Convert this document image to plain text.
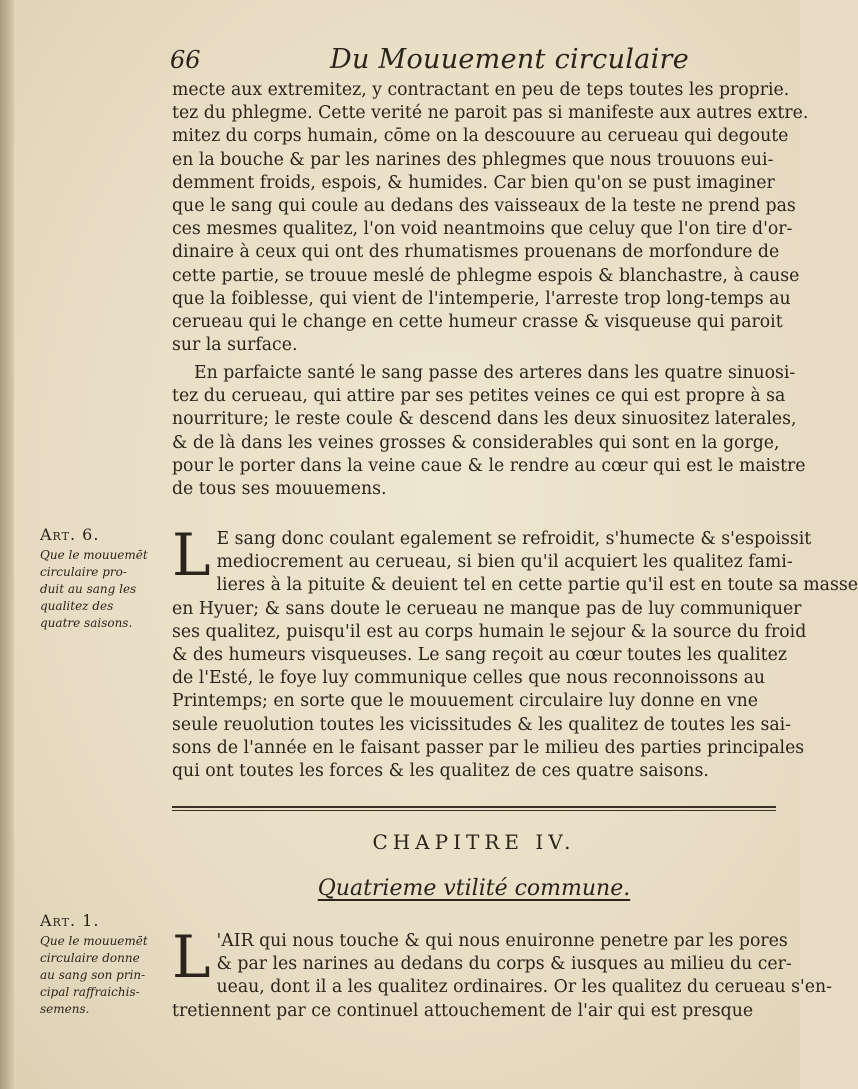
66	Du Mouuement circulaire
mecte aux extremitez, y contractant en peu de teps toutes les proprie.
tez du phlegme. Cette verité ne paroit pas si manifeste aux autres extre.
mitez du corps humain, cōme on la descouure au cerueau qui degoute
en la bouche & par les narines des phlegmes que nous trouuons eui-
demment froids, espois, & humides. Car bien qu'on se pust imaginer
que le sang qui coule au dedans des vaisseaux de la teste ne prend pas
ces mesmes qualitez, l'on void neantmoins que celuy que l'on tire d'or-
dinaire à ceux qui ont des rhumatismes prouenans de morfondure de
cette partie, se trouue meslé de phlegme espois & blanchastre, à cause
que la foiblesse, qui vient de l'intemperie, l'arreste trop long-temps au
cerueau qui le change en cette humeur crasse & visqueuse qui paroit
sur la surface.
En parfaicte santé le sang passe des arteres dans les quatre sinuosi-
tez du cerueau, qui attire par ses petites veines ce qui est propre à sa
nourriture; le reste coule & descend dans les deux sinuositez laterales,
& de là dans les veines grosses & considerables qui sont en la gorge,
pour le porter dans la veine caue & le rendre au cœur qui est le maistre
de tous ses mouuemens.
Art. 6.
Que le mouuemēt
circulaire pro-
duit au sang les
qualitez des
quatre saisons.
L E sang donc coulant egalement se refroidit, s'humecte & s'espoissit
mediocrement au cerueau, si bien qu'il acquiert les qualitez fami-
lieres à la pituite & deuient tel en cette partie qu'il est en toute sa masse
en Hyuer; & sans doute le cerueau ne manque pas de luy communiquer
ses qualitez, puisqu'il est au corps humain le sejour & la source du froid
& des humeurs visqueuses. Le sang reçoit au cœur toutes les qualitez
de l'Esté, le foye luy communique celles que nous reconnoissons au
Printemps; en sorte que le mouuement circulaire luy donne en vne
seule reuolution toutes les vicissitudes & les qualitez de toutes les sai-
sons de l'année en le faisant passer par le milieu des parties principales
qui ont toutes les forces & les qualitez de ces quatre saisons.
CHAPITRE IV.
Quatrieme vtilité commune.
Art. 1.
Que le mouuemēt
circulaire donne
au sang son prin-
cipal raffraichis-
semens.
L 'AIR qui nous touche & qui nous enuironne penetre par les pores
& par les narines au dedans du corps & iusques au milieu du cer-
ueau, dont il a les qualitez ordinaires. Or les qualitez du cerueau s'en-
tretiennent par ce continuel attouchement de l'air qui est presque
